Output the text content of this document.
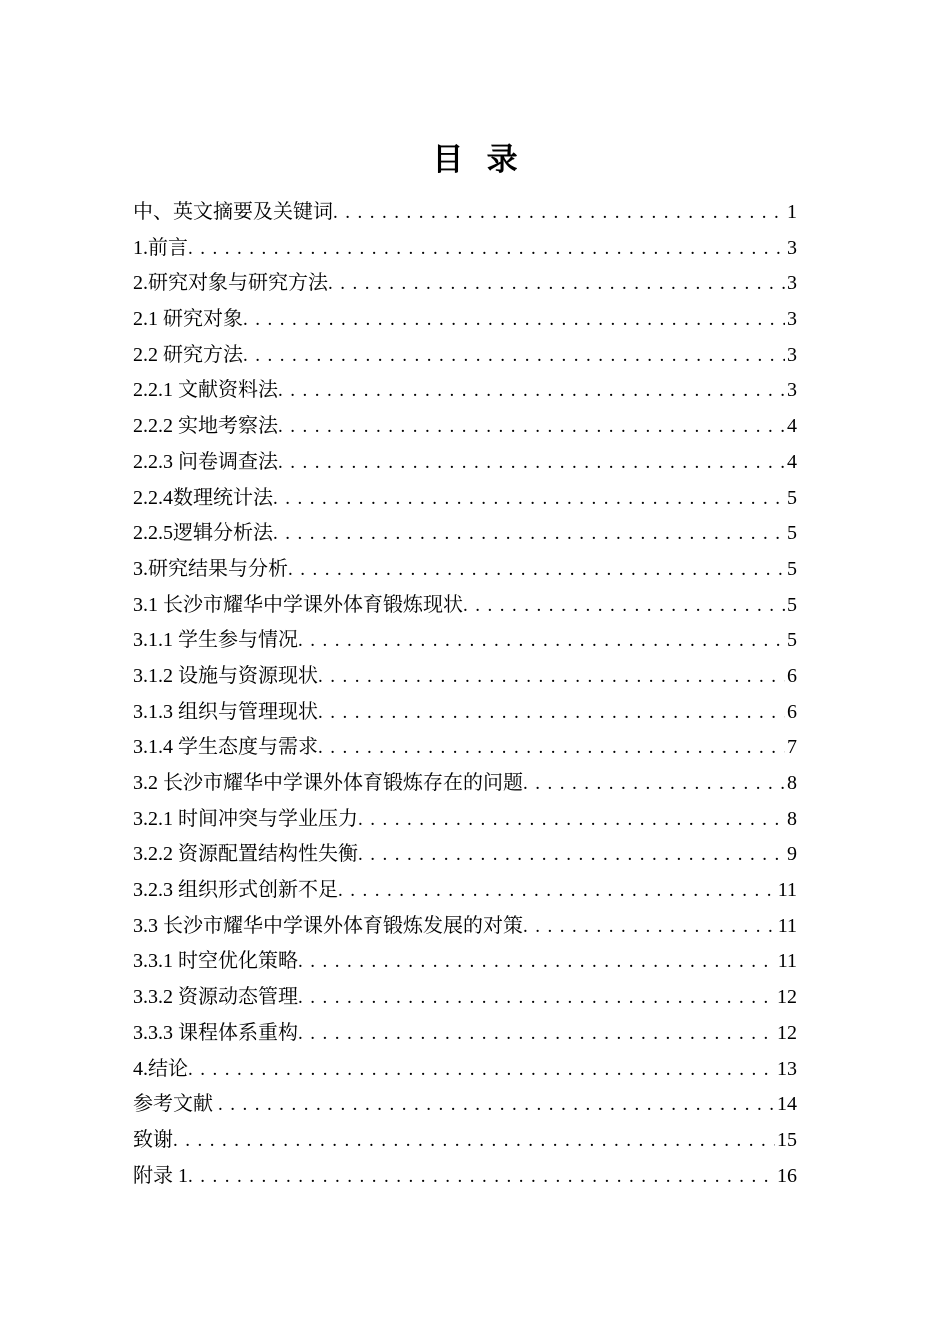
目   录
中、英文摘要及关键词 .....	1
1.前言 .....	3
2.研究对象与研究方法 .....	3
2.1 研究对象 .....	3
2.2 研究方法 .....	3
2.2.1 文献资料法 .....	3
2.2.2 实地考察法 .....	4
2.2.3 问卷调查法 .....	4
2.2.4数理统计法 .....	5
2.2.5逻辑分析法 .....	5
3.研究结果与分析 .....	5
3.1 长沙市耀华中学课外体育锻炼现状 .....	5
3.1.1 学生参与情况 .....	5
3.1.2 设施与资源现状 .....	6
3.1.3 组织与管理现状 .....	6
3.1.4 学生态度与需求 .....	7
3.2 长沙市耀华中学课外体育锻炼存在的问题 .....	8
3.2.1 时间冲突与学业压力 .....	8
3.2.2 资源配置结构性失衡 .....	9
3.2.3 组织形式创新不足 .....	11
3.3 长沙市耀华中学课外体育锻炼发展的对策 .....	11
3.3.1 时空优化策略 .....	11
3.3.2 资源动态管理 .....	12
3.3.3 课程体系重构 .....	12
4.结论 .....	13
参考文献 .....	14
致谢 .....	15
附录 1 .....	16
